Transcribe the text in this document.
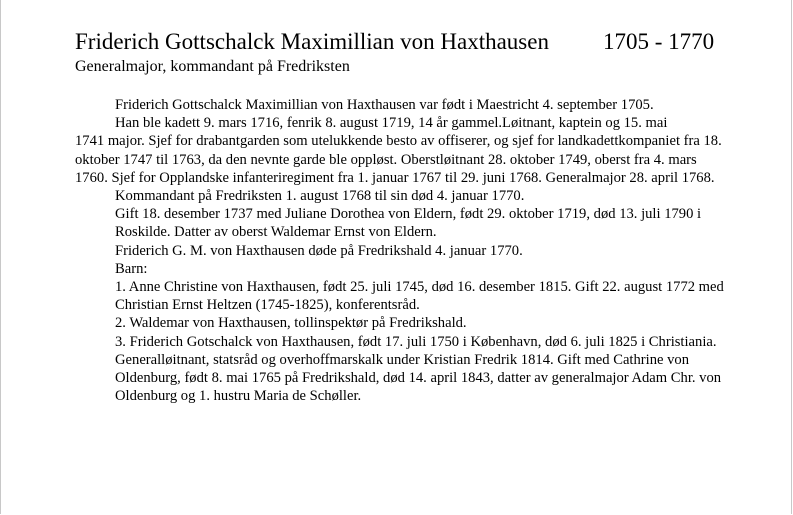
Friderich Gottschalck Maximillian von Haxthausen 1705 - 1770
Generalmajor, kommandant på Fredriksten

Friderich Gottschalck Maximillian von Haxthausen var født i Maestricht 4. september 1705.

Han ble kadett 9. mars 1716, fenrik 8. august 1719, 14 år gammel.Løitnant, kaptein og 15. mai

1741 major. Sjef for drabantgarden som utelukkende besto av offiserer, og sjef for landkadettkompaniet fra 18. oktober 1747 til 1763, da den nevnte garde ble oppløst. Oberstløitnant 28. oktober 1749, oberst fra 4. mars 1760. Sjef for Opplandske infanteriregiment fra 1. januar 1767 til 29. juni 1768. Generalmajor 28. april 1768.

Kommandant på Fredriksten 1. august 1768 til sin død 4. januar 1770.

Gift 18. desember 1737 med Juliane Dorothea von Eldern, født 29. oktober 1719, død 13. juli 1790 i Roskilde. Datter av oberst Waldemar Ernst von Eldern.

Friderich G. M. von Haxthausen døde på Fredrikshald 4. januar 1770.

Barn:

1. Anne Christine von Haxthausen, født 25. juli 1745, død 16. desember 1815. Gift 22. august 1772 med Christian Ernst Heltzen (1745-1825), konferentsråd.

2. Waldemar von Haxthausen, tollinspektør på Fredrikshald.

3. Friderich Gotschalck von Haxthausen, født 17. juli 1750 i København, død 6. juli 1825 i Christiania. Generalløitnant, statsråd og overhoffmarskalk under Kristian Fredrik 1814. Gift med Cathrine von Oldenburg, født 8. mai 1765 på Fredrikshald, død 14. april 1843, datter av generalmajor Adam Chr. von Oldenburg og 1. hustru Maria de Schøller.
